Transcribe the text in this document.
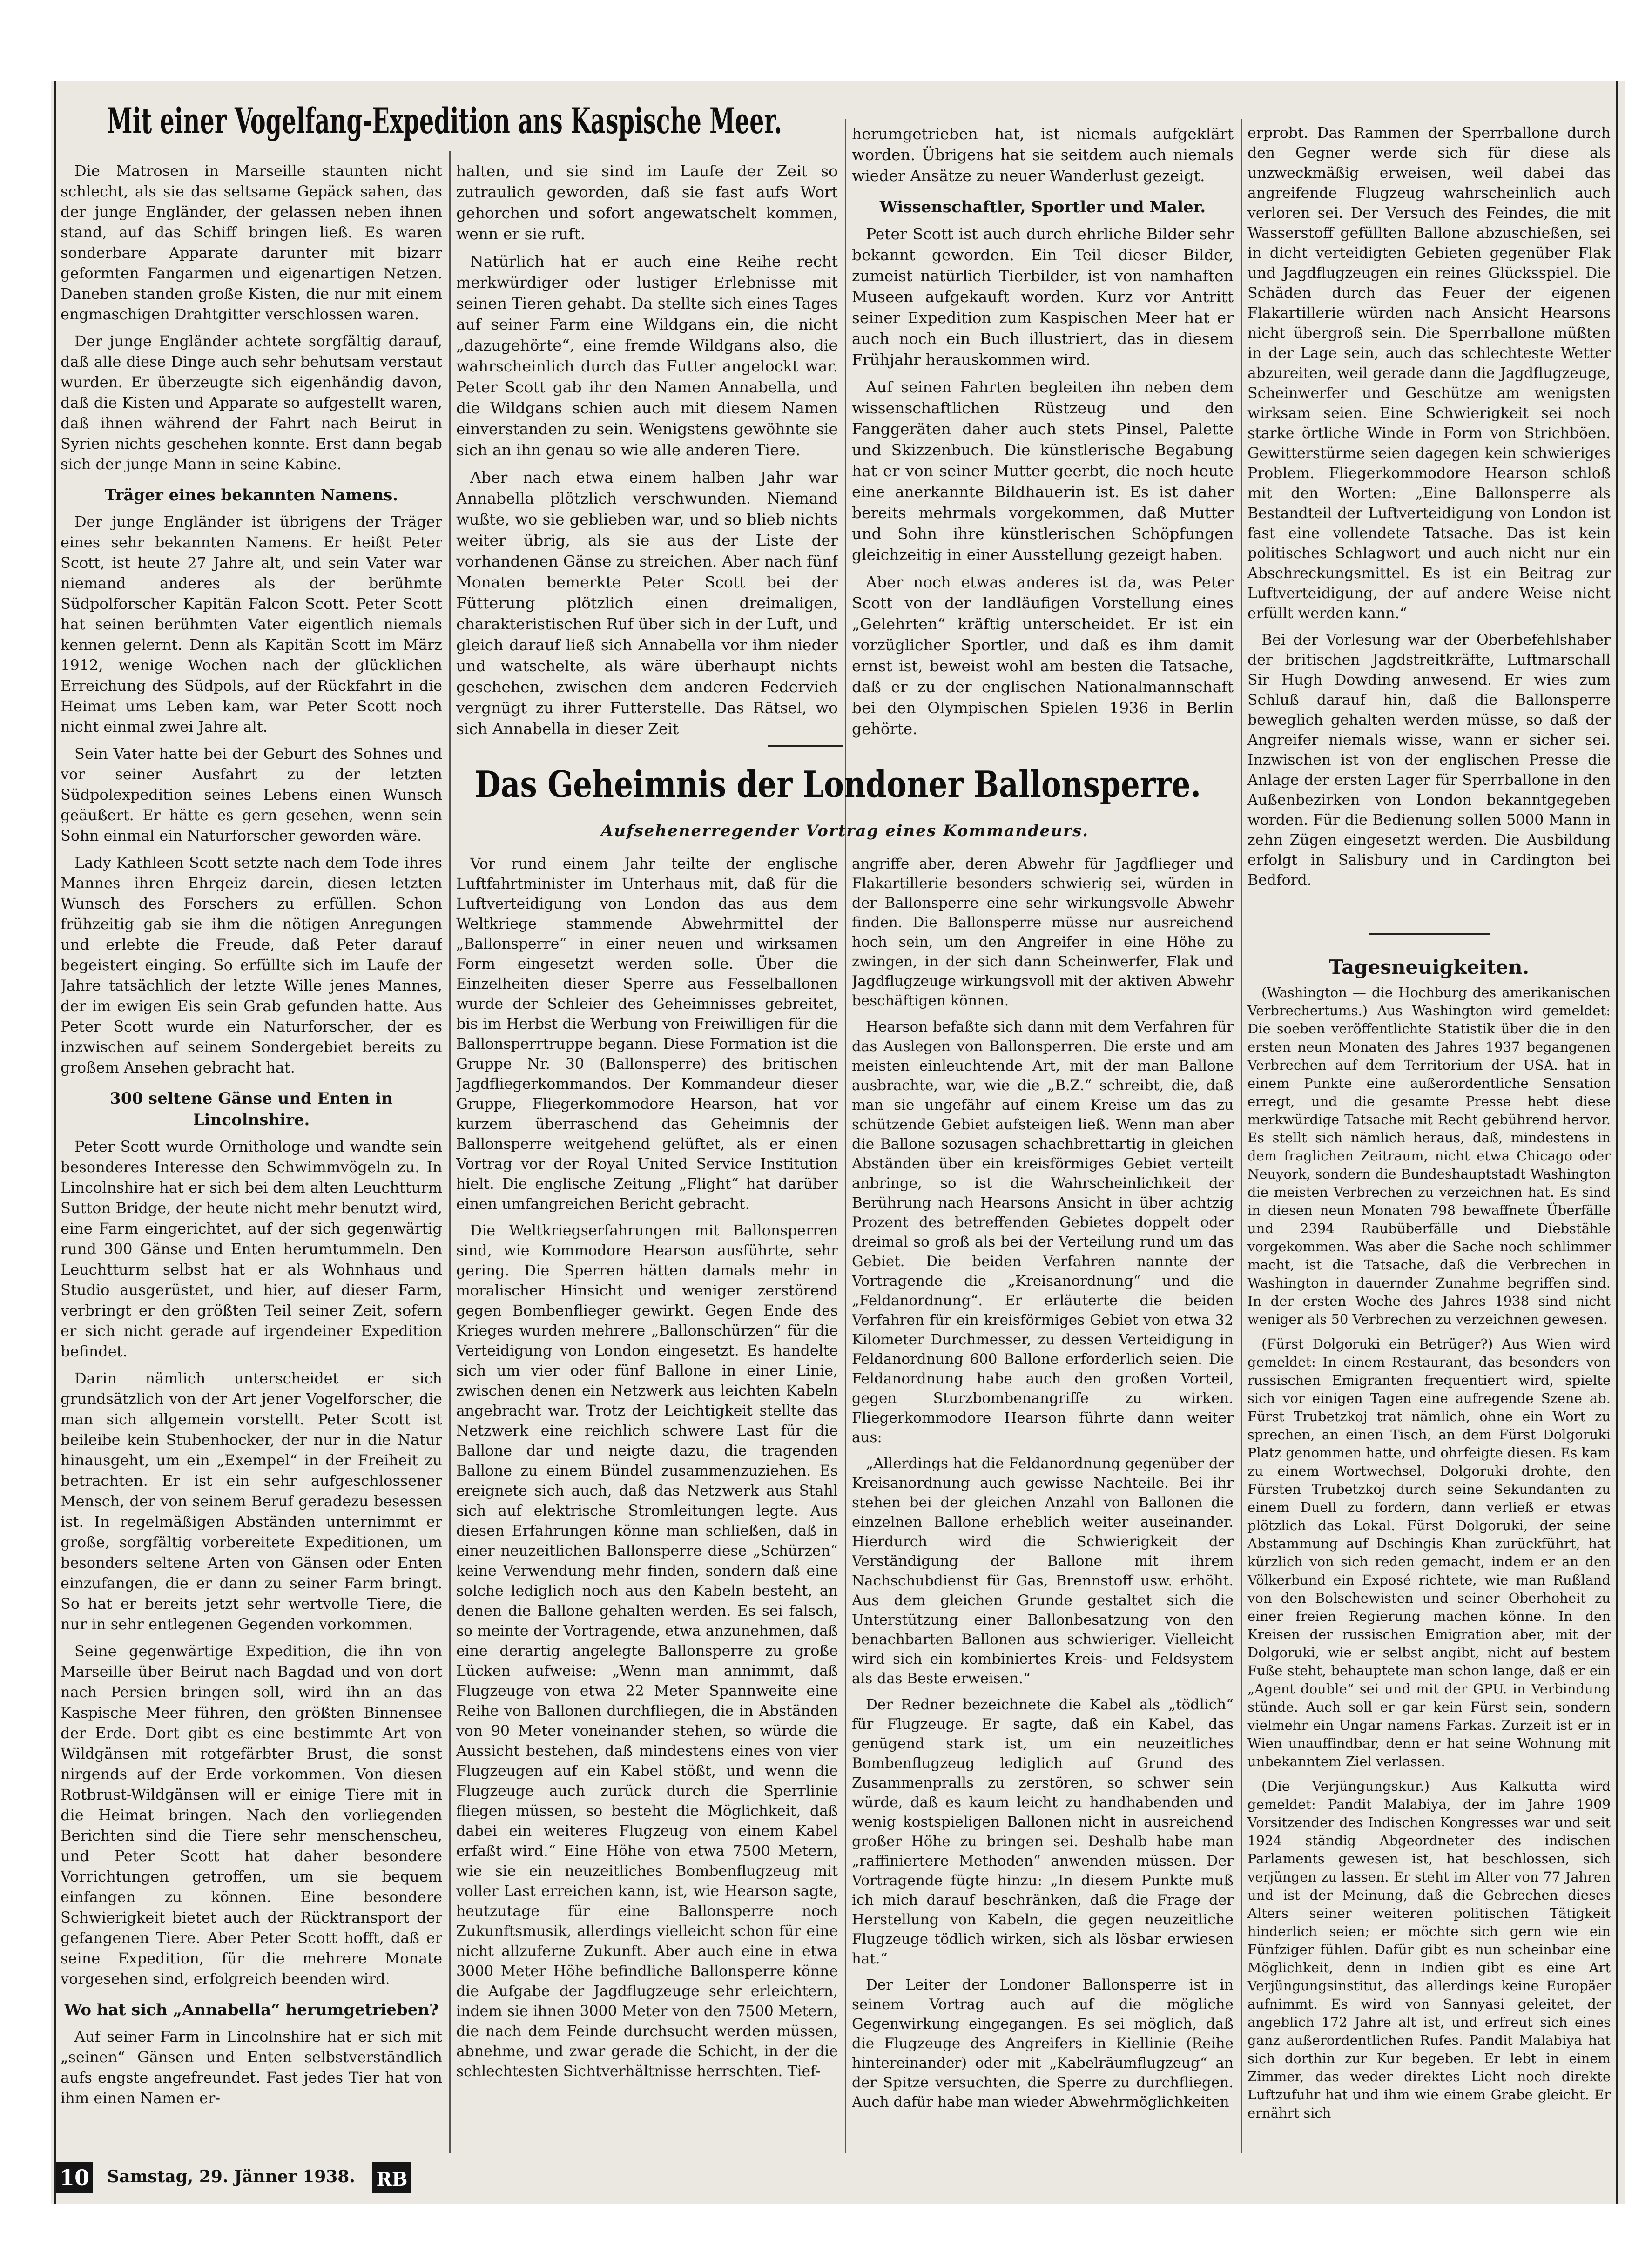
Mit einer Vogelfang-Expedition ans Kaspische Meer.

Die Matrosen in Marseille staunten nicht schlecht, als sie das seltsame Gepäck sahen, das der junge Engländer, der gelassen neben ihnen stand, auf das Schiff bringen ließ. Es waren sonderbare Apparate darunter mit bizarr geformten Fangarmen und eigenartigen Netzen. Daneben standen große Kisten, die nur mit einem engmaschigen Drahtgitter verschlossen waren.

Der junge Engländer achtete sorgfältig darauf, daß alle diese Dinge auch sehr behutsam verstaut wurden. Er überzeugte sich eigenhändig davon, daß die Kisten und Apparate so aufgestellt waren, daß ihnen während der Fahrt nach Beirut in Syrien nichts geschehen konnte. Erst dann begab sich der junge Mann in seine Kabine.

Träger eines bekannten Namens.

Der junge Engländer ist übrigens der Träger eines sehr bekannten Namens. Er heißt Peter Scott, ist heute 27 Jahre alt, und sein Vater war niemand anderes als der berühmte Südpolforscher Kapitän Falcon Scott. Peter Scott hat seinen berühmten Vater eigentlich niemals kennen gelernt. Denn als Kapitän Scott im März 1912, wenige Wochen nach der glücklichen Erreichung des Südpols, auf der Rückfahrt in die Heimat ums Leben kam, war Peter Scott noch nicht einmal zwei Jahre alt.

Sein Vater hatte bei der Geburt des Sohnes und vor seiner Ausfahrt zu der letzten Südpolexpedition seines Lebens einen Wunsch geäußert. Er hätte es gern gesehen, wenn sein Sohn einmal ein Naturforscher geworden wäre.

Lady Kathleen Scott setzte nach dem Tode ihres Mannes ihren Ehrgeiz darein, diesen letzten Wunsch des Forschers zu erfüllen. Schon frühzeitig gab sie ihm die nötigen Anregungen und erlebte die Freude, daß Peter darauf begeistert einging. So erfüllte sich im Laufe der Jahre tatsächlich der letzte Wille jenes Mannes, der im ewigen Eis sein Grab gefunden hatte. Aus Peter Scott wurde ein Naturforscher, der es inzwischen auf seinem Sondergebiet bereits zu großem Ansehen gebracht hat.

300 seltene Gänse und Enten in Lincolnshire.

Peter Scott wurde Ornithologe und wandte sein besonderes Interesse den Schwimmvögeln zu. In Lincolnshire hat er sich bei dem alten Leuchtturm Sutton Bridge, der heute nicht mehr benutzt wird, eine Farm eingerichtet, auf der sich gegenwärtig rund 300 Gänse und Enten herumtummeln. Den Leuchtturm selbst hat er als Wohnhaus und Studio ausgerüstet, und hier, auf dieser Farm, verbringt er den größten Teil seiner Zeit, sofern er sich nicht gerade auf irgendeiner Expedition befindet.

Darin nämlich unterscheidet er sich grundsätzlich von der Art jener Vogelforscher, die man sich allgemein vorstellt. Peter Scott ist beileibe kein Stubenhocker, der nur in die Natur hinausgeht, um ein „Exempel“ in der Freiheit zu betrachten. Er ist ein sehr aufgeschlossener Mensch, der von seinem Beruf geradezu besessen ist. In regelmäßigen Abständen unternimmt er große, sorgfältig vorbereitete Expeditionen, um besonders seltene Arten von Gänsen oder Enten einzufangen, die er dann zu seiner Farm bringt. So hat er bereits jetzt sehr wertvolle Tiere, die nur in sehr entlegenen Gegenden vorkommen.

Seine gegenwärtige Expedition, die ihn von Marseille über Beirut nach Bagdad und von dort nach Persien bringen soll, wird ihn an das Kaspische Meer führen, den größten Binnensee der Erde. Dort gibt es eine bestimmte Art von Wildgänsen mit rotgefärbter Brust, die sonst nirgends auf der Erde vorkommen. Von diesen Rotbrust-Wildgänsen will er einige Tiere mit in die Heimat bringen. Nach den vorliegenden Berichten sind die Tiere sehr menschenscheu, und Peter Scott hat daher besondere Vorrichtungen getroffen, um sie bequem einfangen zu können. Eine besondere Schwierigkeit bietet auch der Rücktransport der gefangenen Tiere. Aber Peter Scott hofft, daß er seine Expedition, für die mehrere Monate vorgesehen sind, erfolgreich beenden wird.

Wo hat sich „Annabella“ herumgetrieben?

Auf seiner Farm in Lincolnshire hat er sich mit „seinen“ Gänsen und Enten selbstverständlich aufs engste angefreundet. Fast jedes Tier hat von ihm einen Namen er-

halten, und sie sind im Laufe der Zeit so zutraulich geworden, daß sie fast aufs Wort gehorchen und sofort angewatschelt kommen, wenn er sie ruft.

Natürlich hat er auch eine Reihe recht merkwürdiger oder lustiger Erlebnisse mit seinen Tieren gehabt. Da stellte sich eines Tages auf seiner Farm eine Wildgans ein, die nicht „dazugehörte“, eine fremde Wildgans also, die wahrscheinlich durch das Futter angelockt war. Peter Scott gab ihr den Namen Annabella, und die Wildgans schien auch mit diesem Namen einverstanden zu sein. Wenigstens gewöhnte sie sich an ihn genau so wie alle anderen Tiere.

Aber nach etwa einem halben Jahr war Annabella plötzlich verschwunden. Niemand wußte, wo sie geblieben war, und so blieb nichts weiter übrig, als sie aus der Liste der vorhandenen Gänse zu streichen. Aber nach fünf Monaten bemerkte Peter Scott bei der Fütterung plötzlich einen dreimaligen, charakteristischen Ruf über sich in der Luft, und gleich darauf ließ sich Annabella vor ihm nieder und watschelte, als wäre überhaupt nichts geschehen, zwischen dem anderen Federvieh vergnügt zu ihrer Futterstelle. Das Rätsel, wo sich Annabella in dieser Zeit

herumgetrieben hat, ist niemals aufgeklärt worden. Übrigens hat sie seitdem auch niemals wieder Ansätze zu neuer Wanderlust gezeigt.

Wissenschaftler, Sportler und Maler.

Peter Scott ist auch durch ehrliche Bilder sehr bekannt geworden. Ein Teil dieser Bilder, zumeist natürlich Tierbilder, ist von namhaften Museen aufgekauft worden. Kurz vor Antritt seiner Expedition zum Kaspischen Meer hat er auch noch ein Buch illustriert, das in diesem Frühjahr herauskommen wird.

Auf seinen Fahrten begleiten ihn neben dem wissenschaftlichen Rüstzeug und den Fanggeräten daher auch stets Pinsel, Palette und Skizzenbuch. Die künstlerische Begabung hat er von seiner Mutter geerbt, die noch heute eine anerkannte Bildhauerin ist. Es ist daher bereits mehrmals vorgekommen, daß Mutter und Sohn ihre künstlerischen Schöpfungen gleichzeitig in einer Ausstellung gezeigt haben.

Aber noch etwas anderes ist da, was Peter Scott von der landläufigen Vorstellung eines „Gelehrten“ kräftig unterscheidet. Er ist ein vorzüglicher Sportler, und daß es ihm damit ernst ist, beweist wohl am besten die Tatsache, daß er zu der englischen Nationalmannschaft bei den Olympischen Spielen 1936 in Berlin gehörte.

Das Geheimnis der Londoner Ballonsperre.
Aufsehenerregender Vortrag eines Kommandeurs.

Vor rund einem Jahr teilte der englische Luftfahrtminister im Unterhaus mit, daß für die Luftverteidigung von London das aus dem Weltkriege stammende Abwehrmittel der „Ballonsperre“ in einer neuen und wirksamen Form eingesetzt werden solle. Über die Einzelheiten dieser Sperre aus Fesselballonen wurde der Schleier des Geheimnisses gebreitet, bis im Herbst die Werbung von Freiwilligen für die Ballonsperrtruppe begann. Diese Formation ist die Gruppe Nr. 30 (Ballonsperre) des britischen Jagdfliegerkommandos. Der Kommandeur dieser Gruppe, Fliegerkommodore Hearson, hat vor kurzem überraschend das Geheimnis der Ballonsperre weitgehend gelüftet, als er einen Vortrag vor der Royal United Service Institution hielt. Die englische Zeitung „Flight“ hat darüber einen umfangreichen Bericht gebracht.

Die Weltkriegserfahrungen mit Ballonsperren sind, wie Kommodore Hearson ausführte, sehr gering. Die Sperren hätten damals mehr in moralischer Hinsicht und weniger zerstörend gegen Bombenflieger gewirkt. Gegen Ende des Krieges wurden mehrere „Ballonschürzen“ für die Verteidigung von London eingesetzt. Es handelte sich um vier oder fünf Ballone in einer Linie, zwischen denen ein Netzwerk aus leichten Kabeln angebracht war. Trotz der Leichtigkeit stellte das Netzwerk eine reichlich schwere Last für die Ballone dar und neigte dazu, die tragenden Ballone zu einem Bündel zusammenzuziehen. Es ereignete sich auch, daß das Netzwerk aus Stahl sich auf elektrische Stromleitungen legte. Aus diesen Erfahrungen könne man schließen, daß in einer neuzeitlichen Ballonsperre diese „Schürzen“ keine Verwendung mehr finden, sondern daß eine solche lediglich noch aus den Kabeln besteht, an denen die Ballone gehalten werden. Es sei falsch, so meinte der Vortragende, etwa anzunehmen, daß eine derartig angelegte Ballonsperre zu große Lücken aufweise: „Wenn man annimmt, daß Flugzeuge von etwa 22 Meter Spannweite eine Reihe von Ballonen durchfliegen, die in Abständen von 90 Meter voneinander stehen, so würde die Aussicht bestehen, daß mindestens eines von vier Flugzeugen auf ein Kabel stößt, und wenn die Flugzeuge auch zurück durch die Sperrlinie fliegen müssen, so besteht die Möglichkeit, daß dabei ein weiteres Flugzeug von einem Kabel erfaßt wird.“ Eine Höhe von etwa 7500 Metern, wie sie ein neuzeitliches Bombenflugzeug mit voller Last erreichen kann, ist, wie Hearson sagte, heutzutage für eine Ballonsperre noch Zukunftsmusik, allerdings vielleicht schon für eine nicht allzuferne Zukunft. Aber auch eine in etwa 3000 Meter Höhe befindliche Ballonsperre könne die Aufgabe der Jagdflugzeuge sehr erleichtern, indem sie ihnen 3000 Meter von den 7500 Metern, die nach dem Feinde durchsucht werden müssen, abnehme, und zwar gerade die Schicht, in der die schlechtesten Sichtverhältnisse herrschten. Tief-

angriffe aber, deren Abwehr für Jagdflieger und Flakartillerie besonders schwierig sei, würden in der Ballonsperre eine sehr wirkungsvolle Abwehr finden. Die Ballonsperre müsse nur ausreichend hoch sein, um den Angreifer in eine Höhe zu zwingen, in der sich dann Scheinwerfer, Flak und Jagdflugzeuge wirkungsvoll mit der aktiven Abwehr beschäftigen können.

Hearson befaßte sich dann mit dem Verfahren für das Auslegen von Ballonsperren. Die erste und am meisten einleuchtende Art, mit der man Ballone ausbrachte, war, wie die „B.Z.“ schreibt, die, daß man sie ungefähr auf einem Kreise um das zu schützende Gebiet aufsteigen ließ. Wenn man aber die Ballone sozusagen schachbrettartig in gleichen Abständen über ein kreisförmiges Gebiet verteilt anbringe, so ist die Wahrscheinlichkeit der Berührung nach Hearsons Ansicht in über achtzig Prozent des betreffenden Gebietes doppelt oder dreimal so groß als bei der Verteilung rund um das Gebiet. Die beiden Verfahren nannte der Vortragende die „Kreisanordnung“ und die „Feldanordnung“. Er erläuterte die beiden Verfahren für ein kreisförmiges Gebiet von etwa 32 Kilometer Durchmesser, zu dessen Verteidigung in Feldanordnung 600 Ballone erforderlich seien. Die Feldanordnung habe auch den großen Vorteil, gegen Sturzbombenangriffe zu wirken. Fliegerkommodore Hearson führte dann weiter aus:

„Allerdings hat die Feldanordnung gegenüber der Kreisanordnung auch gewisse Nachteile. Bei ihr stehen bei der gleichen Anzahl von Ballonen die einzelnen Ballone erheblich weiter auseinander. Hierdurch wird die Schwierigkeit der Verständigung der Ballone mit ihrem Nachschubdienst für Gas, Brennstoff usw. erhöht. Aus dem gleichen Grunde gestaltet sich die Unterstützung einer Ballonbesatzung von den benachbarten Ballonen aus schwieriger. Vielleicht wird sich ein kombiniertes Kreis- und Feldsystem als das Beste erweisen.“

Der Redner bezeichnete die Kabel als „tödlich“ für Flugzeuge. Er sagte, daß ein Kabel, das genügend stark ist, um ein neuzeitliches Bombenflugzeug lediglich auf Grund des Zusammenpralls zu zerstören, so schwer sein würde, daß es kaum leicht zu handhabenden und wenig kostspieligen Ballonen nicht in ausreichend großer Höhe zu bringen sei. Deshalb habe man „raffiniertere Methoden“ anwenden müssen. Der Vortragende fügte hinzu: „In diesem Punkte muß ich mich darauf beschränken, daß die Frage der Herstellung von Kabeln, die gegen neuzeitliche Flugzeuge tödlich wirken, sich als lösbar erwiesen hat.“

Der Leiter der Londoner Ballonsperre ist in seinem Vortrag auch auf die mögliche Gegenwirkung eingegangen. Es sei möglich, daß die Flugzeuge des Angreifers in Kiellinie (Reihe hintereinander) oder mit „Kabelräumflugzeug“ an der Spitze versuchten, die Sperre zu durchfliegen. Auch dafür habe man wieder Abwehrmöglichkeiten

erprobt. Das Rammen der Sperrballone durch den Gegner werde sich für diese als unzweckmäßig erweisen, weil dabei das angreifende Flugzeug wahrscheinlich auch verloren sei. Der Versuch des Feindes, die mit Wasserstoff gefüllten Ballone abzuschießen, sei in dicht verteidigten Gebieten gegenüber Flak und Jagdflugzeugen ein reines Glücksspiel. Die Schäden durch das Feuer der eigenen Flakartillerie würden nach Ansicht Hearsons nicht übergroß sein. Die Sperrballone müßten in der Lage sein, auch das schlechteste Wetter abzureiten, weil gerade dann die Jagdflugzeuge, Scheinwerfer und Geschütze am wenigsten wirksam seien. Eine Schwierigkeit sei noch starke örtliche Winde in Form von Strichböen. Gewitterstürme seien dagegen kein schwieriges Problem. Fliegerkommodore Hearson schloß mit den Worten: „Eine Ballonsperre als Bestandteil der Luftverteidigung von London ist fast eine vollendete Tatsache. Das ist kein politisches Schlagwort und auch nicht nur ein Abschreckungsmittel. Es ist ein Beitrag zur Luftverteidigung, der auf andere Weise nicht erfüllt werden kann.“

Bei der Vorlesung war der Oberbefehlshaber der britischen Jagdstreitkräfte, Luftmarschall Sir Hugh Dowding anwesend. Er wies zum Schluß darauf hin, daß die Ballonsperre beweglich gehalten werden müsse, so daß der Angreifer niemals wisse, wann er sicher sei. Inzwischen ist von der englischen Presse die Anlage der ersten Lager für Sperrballone in den Außenbezirken von London bekanntgegeben worden. Für die Bedienung sollen 5000 Mann in zehn Zügen eingesetzt werden. Die Ausbildung erfolgt in Salisbury und in Cardington bei Bedford.

Tagesneuigkeiten.

(Washington — die Hochburg des amerikanischen Verbrechertums.) Aus Washington wird gemeldet: Die soeben veröffentlichte Statistik über die in den ersten neun Monaten des Jahres 1937 begangenen Verbrechen auf dem Territorium der USA. hat in einem Punkte eine außerordentliche Sensation erregt, und die gesamte Presse hebt diese merkwürdige Tatsache mit Recht gebührend hervor. Es stellt sich nämlich heraus, daß, mindestens in dem fraglichen Zeitraum, nicht etwa Chicago oder Neuyork, sondern die Bundeshauptstadt Washington die meisten Verbrechen zu verzeichnen hat. Es sind in diesen neun Monaten 798 bewaffnete Überfälle und 2394 Raubüberfälle und Diebstähle vorgekommen. Was aber die Sache noch schlimmer macht, ist die Tatsache, daß die Verbrechen in Washington in dauernder Zunahme begriffen sind. In der ersten Woche des Jahres 1938 sind nicht weniger als 50 Verbrechen zu verzeichnen gewesen.

(Fürst Dolgoruki ein Betrüger?) Aus Wien wird gemeldet: In einem Restaurant, das besonders von russischen Emigranten frequentiert wird, spielte sich vor einigen Tagen eine aufregende Szene ab. Fürst Trubetzkoj trat nämlich, ohne ein Wort zu sprechen, an einen Tisch, an dem Fürst Dolgoruki Platz genommen hatte, und ohrfeigte diesen. Es kam zu einem Wortwechsel, Dolgoruki drohte, den Fürsten Trubetzkoj durch seine Sekundanten zu einem Duell zu fordern, dann verließ er etwas plötzlich das Lokal. Fürst Dolgoruki, der seine Abstammung auf Dschingis Khan zurückführt, hat kürzlich von sich reden gemacht, indem er an den Völkerbund ein Exposé richtete, wie man Rußland von den Bolschewisten und seiner Oberhoheit zu einer freien Regierung machen könne. In den Kreisen der russischen Emigration aber, mit der Dolgoruki, wie er selbst angibt, nicht auf bestem Fuße steht, behauptete man schon lange, daß er ein „Agent double“ sei und mit der GPU. in Verbindung stünde. Auch soll er gar kein Fürst sein, sondern vielmehr ein Ungar namens Farkas. Zurzeit ist er in Wien unauffindbar, denn er hat seine Wohnung mit unbekanntem Ziel verlassen.

(Die Verjüngungskur.) Aus Kalkutta wird gemeldet: Pandit Malabiya, der im Jahre 1909 Vorsitzender des Indischen Kongresses war und seit 1924 ständig Abgeordneter des indischen Parlaments gewesen ist, hat beschlossen, sich verjüngen zu lassen. Er steht im Alter von 77 Jahren und ist der Meinung, daß die Gebrechen dieses Alters seiner weiteren politischen Tätigkeit hinderlich seien; er möchte sich gern wie ein Fünfziger fühlen. Dafür gibt es nun scheinbar eine Möglichkeit, denn in Indien gibt es eine Art Verjüngungsinstitut, das allerdings keine Europäer aufnimmt. Es wird von Sannyasi geleitet, der angeblich 172 Jahre alt ist, und erfreut sich eines ganz außerordentlichen Rufes. Pandit Malabiya hat sich dorthin zur Kur begeben. Er lebt in einem Zimmer, das weder direktes Licht noch direkte Luftzufuhr hat und ihm wie einem Grabe gleicht. Er ernährt sich

10 Samstag, 29. Jänner 1938. RB
